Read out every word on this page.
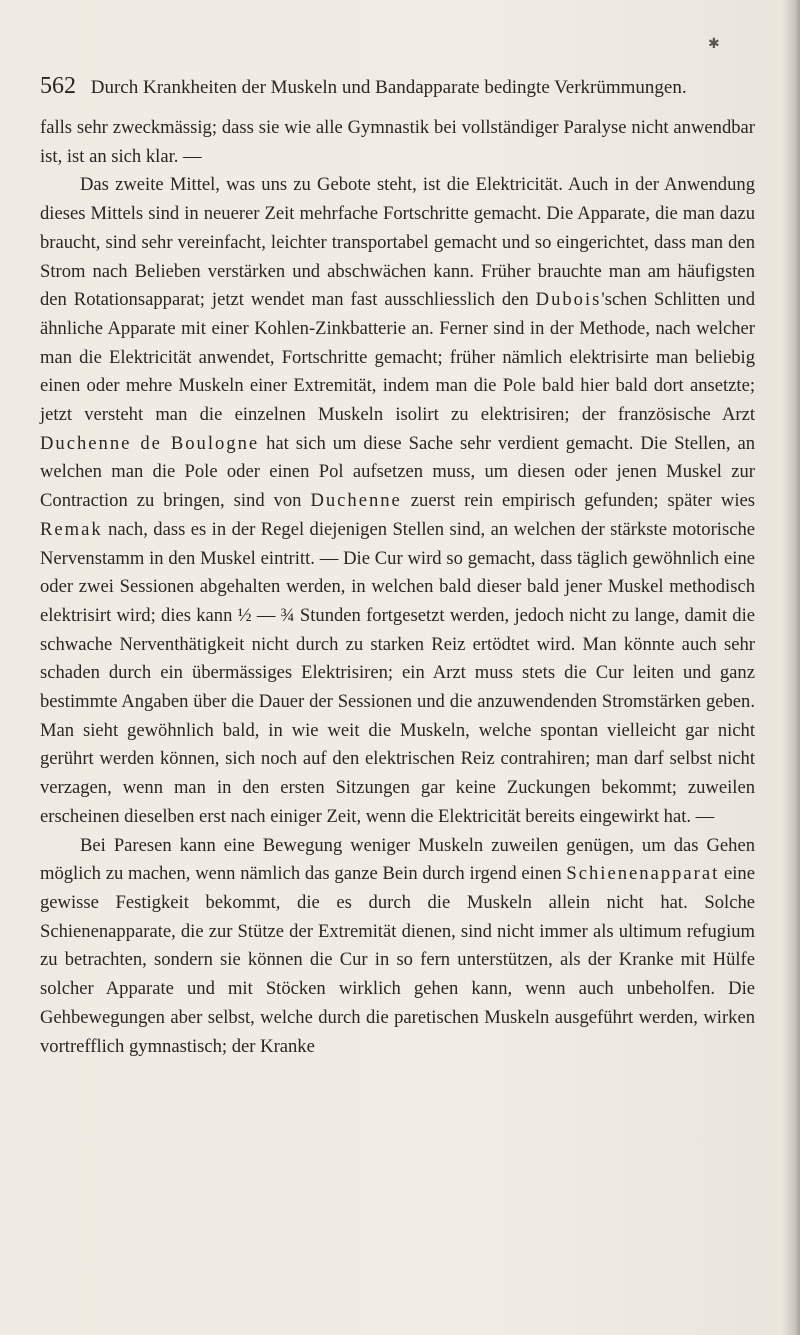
✱
562 Durch Krankheiten der Muskeln und Bandapparate bedingte Verkrümmungen.

falls sehr zweckmässig; dass sie wie alle Gymnastik bei vollständiger Paralyse nicht anwendbar ist, ist an sich klar. —

Das zweite Mittel, was uns zu Gebote steht, ist die Elektricität. Auch in der Anwendung dieses Mittels sind in neuerer Zeit mehrfache Fortschritte gemacht. Die Apparate, die man dazu braucht, sind sehr vereinfacht, leichter transportabel gemacht und so eingerichtet, dass man den Strom nach Belieben verstärken und abschwächen kann. Früher brauchte man am häufigsten den Rotationsapparat; jetzt wendet man fast ausschliesslich den Dubois'schen Schlitten und ähnliche Apparate mit einer Kohlen-Zinkbatterie an. Ferner sind in der Methode, nach welcher man die Elektricität anwendet, Fortschritte gemacht; früher nämlich elektrisirte man beliebig einen oder mehre Muskeln einer Extremität, indem man die Pole bald hier bald dort ansetzte; jetzt versteht man die einzelnen Muskeln isolirt zu elektrisiren; der französische Arzt Duchenne de Boulogne hat sich um diese Sache sehr verdient gemacht. Die Stellen, an welchen man die Pole oder einen Pol aufsetzen muss, um diesen oder jenen Muskel zur Contraction zu bringen, sind von Duchenne zuerst rein empirisch gefunden; später wies Remak nach, dass es in der Regel diejenigen Stellen sind, an welchen der stärkste motorische Nervenstamm in den Muskel eintritt. — Die Cur wird so gemacht, dass täglich gewöhnlich eine oder zwei Sessionen abgehalten werden, in welchen bald dieser bald jener Muskel methodisch elektrisirt wird; dies kann ½ — ¾ Stunden fortgesetzt werden, jedoch nicht zu lange, damit die schwache Nerventhätigkeit nicht durch zu starken Reiz ertödtet wird. Man könnte auch sehr schaden durch ein übermässiges Elektrisiren; ein Arzt muss stets die Cur leiten und ganz bestimmte Angaben über die Dauer der Sessionen und die anzuwendenden Stromstärken geben. Man sieht gewöhnlich bald, in wie weit die Muskeln, welche spontan vielleicht gar nicht gerührt werden können, sich noch auf den elektrischen Reiz contrahiren; man darf selbst nicht verzagen, wenn man in den ersten Sitzungen gar keine Zuckungen bekommt; zuweilen erscheinen dieselben erst nach einiger Zeit, wenn die Elektricität bereits eingewirkt hat. —

Bei Paresen kann eine Bewegung weniger Muskeln zuweilen genügen, um das Gehen möglich zu machen, wenn nämlich das ganze Bein durch irgend einen Schienenapparat eine gewisse Festigkeit bekommt, die es durch die Muskeln allein nicht hat. Solche Schienenapparate, die zur Stütze der Extremität dienen, sind nicht immer als ultimum refugium zu betrachten, sondern sie können die Cur in so fern unterstützen, als der Kranke mit Hülfe solcher Apparate und mit Stöcken wirklich gehen kann, wenn auch unbeholfen. Die Gehbewegungen aber selbst, welche durch die paretischen Muskeln ausgeführt werden, wirken vortrefflich gymnastisch; der Kranke
